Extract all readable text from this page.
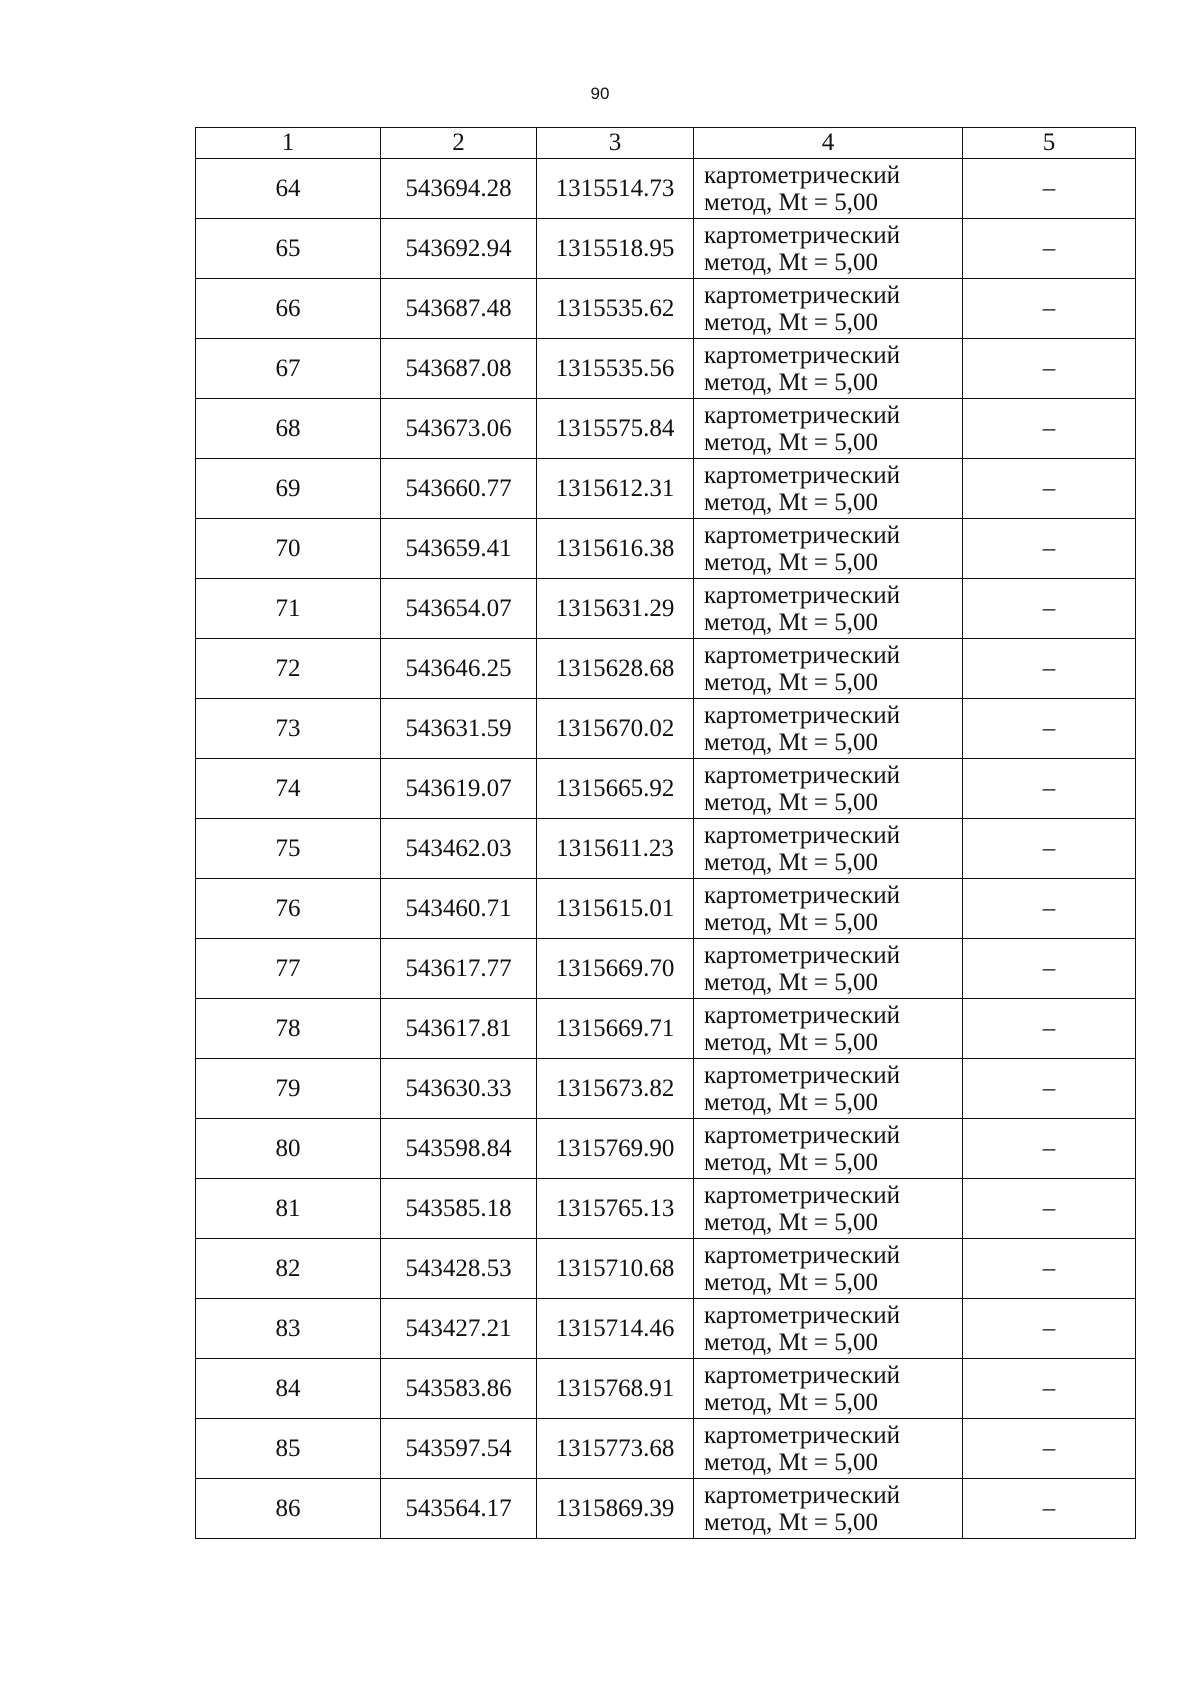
90
1	2	3	4	5
64	543694.28	1315514.73	картометрический
метод, Mt = 5,00	–
65	543692.94	1315518.95	картометрический
метод, Mt = 5,00	–
66	543687.48	1315535.62	картометрический
метод, Mt = 5,00	–
67	543687.08	1315535.56	картометрический
метод, Mt = 5,00	–
68	543673.06	1315575.84	картометрический
метод, Mt = 5,00	–
69	543660.77	1315612.31	картометрический
метод, Mt = 5,00	–
70	543659.41	1315616.38	картометрический
метод, Mt = 5,00	–
71	543654.07	1315631.29	картометрический
метод, Mt = 5,00	–
72	543646.25	1315628.68	картометрический
метод, Mt = 5,00	–
73	543631.59	1315670.02	картометрический
метод, Mt = 5,00	–
74	543619.07	1315665.92	картометрический
метод, Mt = 5,00	–
75	543462.03	1315611.23	картометрический
метод, Mt = 5,00	–
76	543460.71	1315615.01	картометрический
метод, Mt = 5,00	–
77	543617.77	1315669.70	картометрический
метод, Mt = 5,00	–
78	543617.81	1315669.71	картометрический
метод, Mt = 5,00	–
79	543630.33	1315673.82	картометрический
метод, Mt = 5,00	–
80	543598.84	1315769.90	картометрический
метод, Mt = 5,00	–
81	543585.18	1315765.13	картометрический
метод, Mt = 5,00	–
82	543428.53	1315710.68	картометрический
метод, Mt = 5,00	–
83	543427.21	1315714.46	картометрический
метод, Mt = 5,00	–
84	543583.86	1315768.91	картометрический
метод, Mt = 5,00	–
85	543597.54	1315773.68	картометрический
метод, Mt = 5,00	–
86	543564.17	1315869.39	картометрический
метод, Mt = 5,00	–
